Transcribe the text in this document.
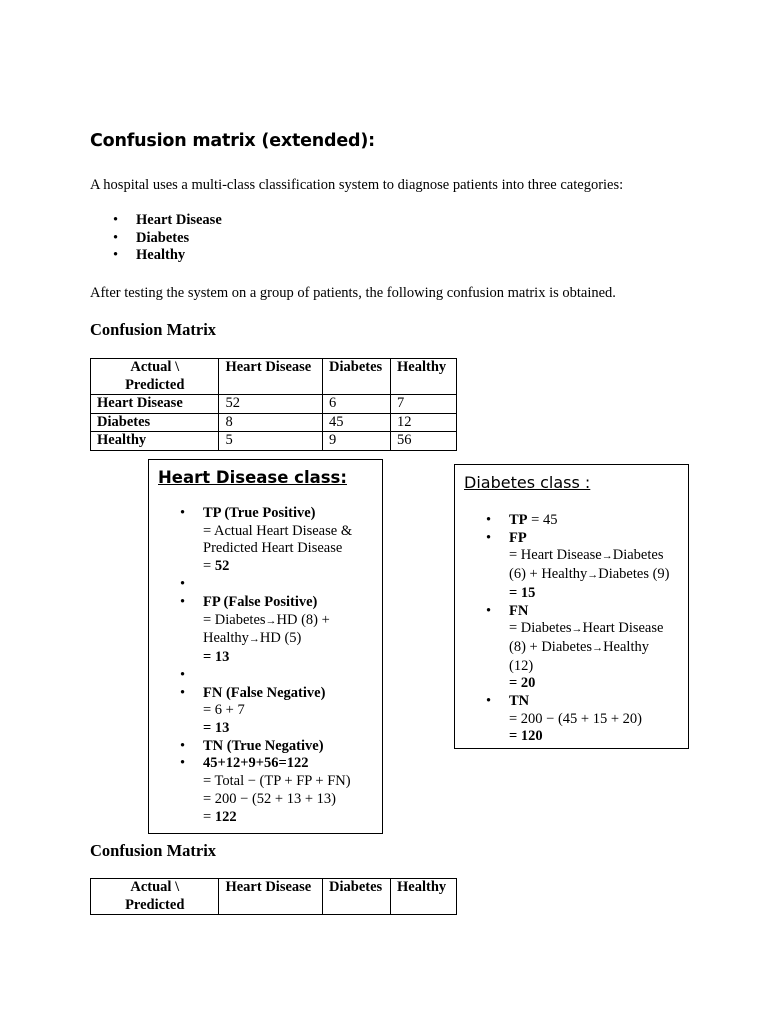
Confusion matrix (extended):

A hospital uses a multi-class classification system to diagnose patients into three categories:

• Heart Disease
• Diabetes
• Healthy

After testing the system on a group of patients, the following confusion matrix is obtained.

Confusion Matrix
Actual \
Predicted	Heart Disease	Diabetes	Healthy
Heart Disease	52	6	7
Diabetes	8	45	12
Healthy	5	9	56
Heart Disease class:
• TP (True Positive)
= Actual Heart Disease &
Predicted Heart Disease
= 52
•
• FP (False Positive)
= Diabetes→HD (8) +
Healthy→HD (5)
= 13
•
• FN (False Negative)
= 6 + 7
= 13
• TN (True Negative)
• 45+12+9+56=122
= Total − (TP + FP + FN)
= 200 − (52 + 13 + 13)
= 122
Diabetes class :
• TP = 45
• FP
= Heart Disease→Diabetes
(6) + Healthy→Diabetes (9)
= 15
• FN
= Diabetes→Heart Disease
(8) + Diabetes→Healthy
(12)
= 20
• TN
= 200 − (45 + 15 + 20)
= 120
Confusion Matrix
Actual \
Predicted	Heart Disease	Diabetes	Healthy
